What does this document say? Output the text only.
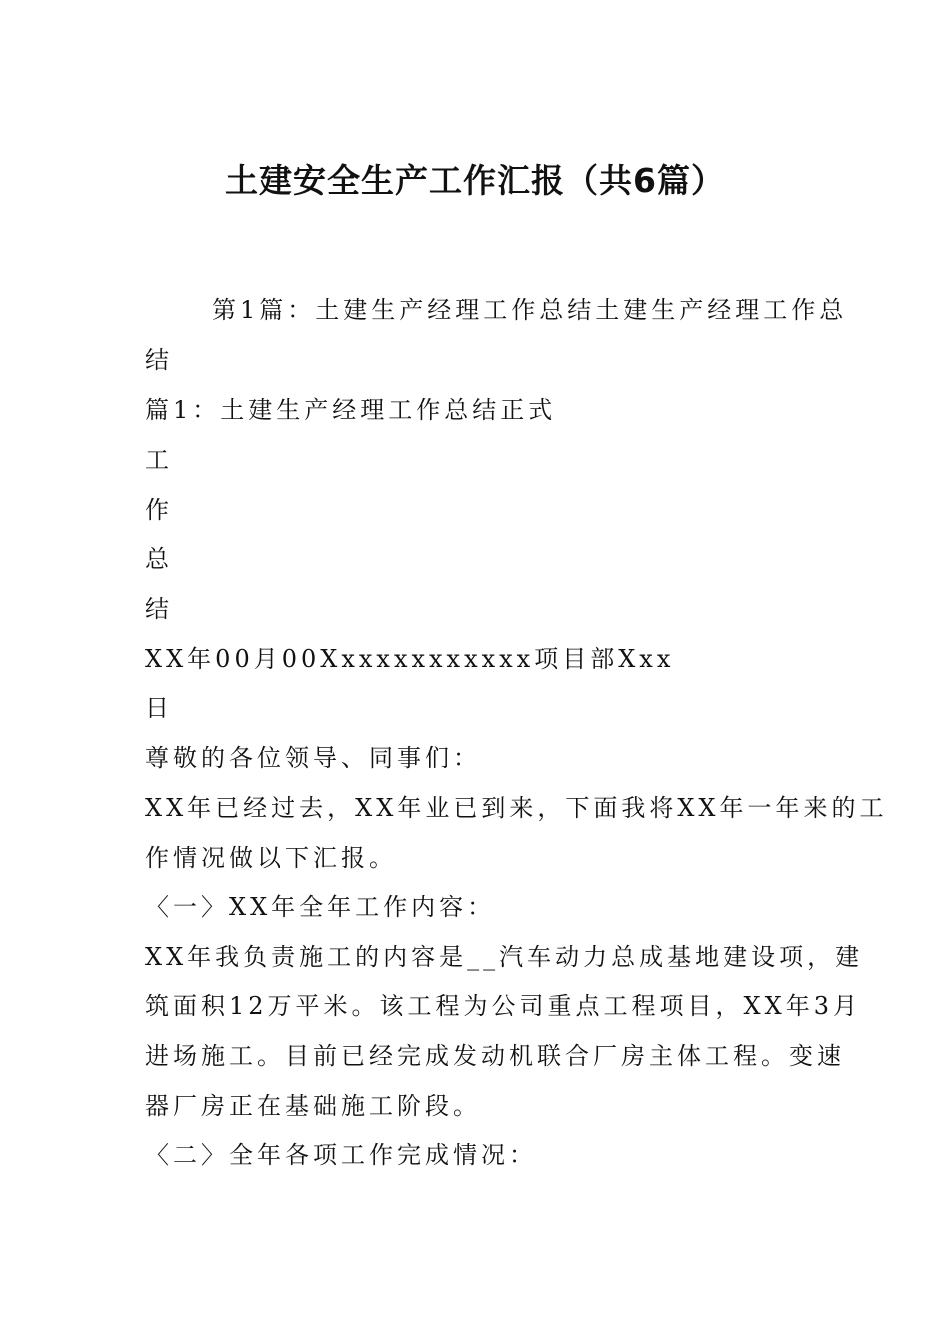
土建安全生产工作汇报（共6篇）
第1篇：土建生产经理工作总结土建生产经理工作总
结
篇1：土建生产经理工作总结正式
工
作
总
结
XX年00月00Xxxxxxxxxxxx项目部Xxx
日
尊敬的各位领导、同事们：
XX年已经过去，XX年业已到来，下面我将XX年一年来的工
作情况做以下汇报。
〈一〉XX年全年工作内容：
XX年我负责施工的内容是__汽车动力总成基地建设项，建
筑面积12万平米。该工程为公司重点工程项目，XX年3月
进场施工。目前已经完成发动机联合厂房主体工程。变速
器厂房正在基础施工阶段。
〈二〉全年各项工作完成情况：
